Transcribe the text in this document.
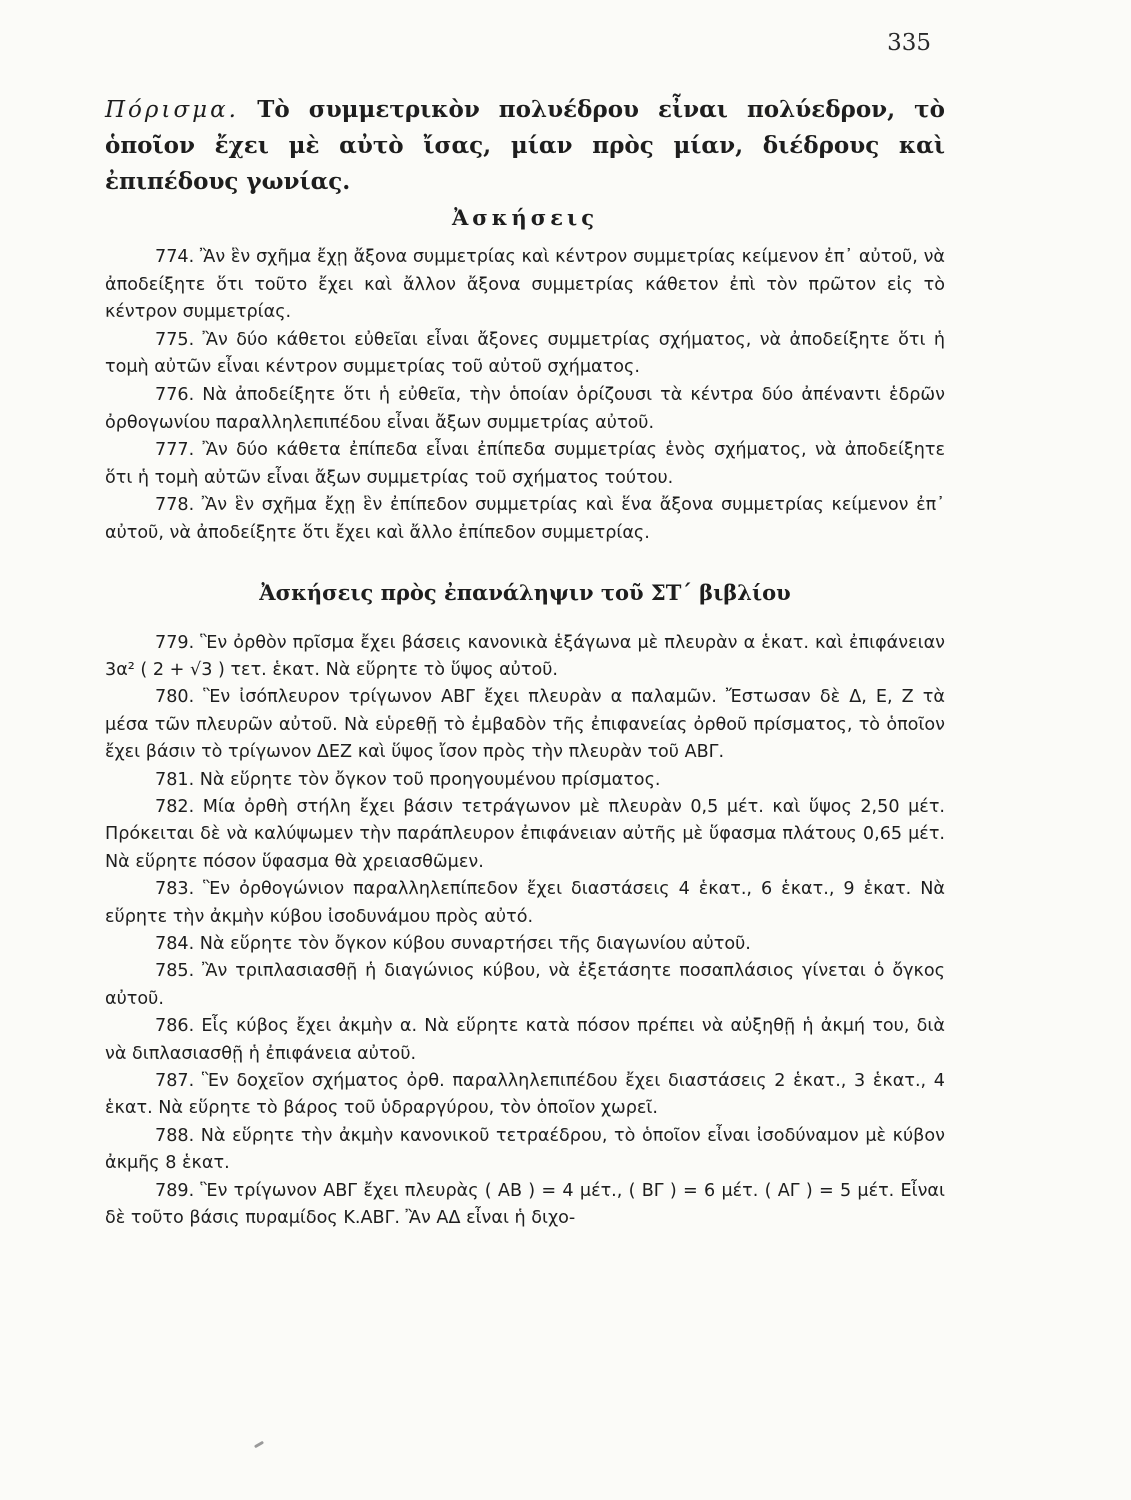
335

Πόρισμα. Τὸ συμμετρικὸν πολυέδρου εἶναι πολύεδρον, τὸ ὁποῖον ἔχει μὲ αὐτὸ ἴσας, μίαν πρὸς μίαν, διέδρους καὶ ἐπιπέδους γωνίας.

Ἀσκήσεις

774. Ἂν ἓν σχῆμα ἔχῃ ἄξονα συμμετρίας καὶ κέντρον συμμετρίας κείμενον ἐπ᾽ αὐτοῦ, νὰ ἀποδείξητε ὅτι τοῦτο ἔχει καὶ ἄλλον ἄξονα συμμετρίας κάθετον ἐπὶ τὸν πρῶτον εἰς τὸ κέντρον συμμετρίας.

775. Ἂν δύο κάθετοι εὐθεῖαι εἶναι ἄξονες συμμετρίας σχήματος, νὰ ἀποδείξητε ὅτι ἡ τομὴ αὐτῶν εἶναι κέντρον συμμετρίας τοῦ αὐτοῦ σχήματος.

776. Νὰ ἀποδείξητε ὅτι ἡ εὐθεῖα, τὴν ὁποίαν ὁρίζουσι τὰ κέντρα δύο ἀπέναντι ἑδρῶν ὀρθογωνίου παραλληλεπιπέδου εἶναι ἄξων συμμετρίας αὐτοῦ.

777. Ἂν δύο κάθετα ἐπίπεδα εἶναι ἐπίπεδα συμμετρίας ἑνὸς σχήματος, νὰ ἀποδείξητε ὅτι ἡ τομὴ αὐτῶν εἶναι ἄξων συμμετρίας τοῦ σχήματος τούτου.

778. Ἂν ἓν σχῆμα ἔχῃ ἓν ἐπίπεδον συμμετρίας καὶ ἕνα ἄξονα συμμετρίας κείμενον ἐπ᾽ αὐτοῦ, νὰ ἀποδείξητε ὅτι ἔχει καὶ ἄλλο ἐπίπεδον συμμετρίας.

Ἀσκήσεις πρὸς ἐπανάληψιν τοῦ ΣΤ΄ βιβλίου

779. Ἓν ὀρθὸν πρῖσμα ἔχει βάσεις κανονικὰ ἑξάγωνα μὲ πλευρὰν α ἑκατ. καὶ ἐπιφάνειαν 3α² ( 2 + √3 ) τετ. ἑκατ. Νὰ εὕρητε τὸ ὕψος αὐτοῦ.

780. Ἓν ἰσόπλευρον τρίγωνον ΑΒΓ ἔχει πλευρὰν α παλαμῶν. Ἔστωσαν δὲ Δ, Ε, Ζ τὰ μέσα τῶν πλευρῶν αὐτοῦ. Νὰ εὑρεθῇ τὸ ἐμβαδὸν τῆς ἐπιφανείας ὀρθοῦ πρίσματος, τὸ ὁποῖον ἔχει βάσιν τὸ τρίγωνον ΔΕΖ καὶ ὕψος ἴσον πρὸς τὴν πλευρὰν τοῦ ΑΒΓ.

781. Νὰ εὕρητε τὸν ὄγκον τοῦ προηγουμένου πρίσματος.

782. Μία ὀρθὴ στήλη ἔχει βάσιν τετράγωνον μὲ πλευρὰν 0,5 μέτ. καὶ ὕψος 2,50 μέτ. Πρόκειται δὲ νὰ καλύψωμεν τὴν παράπλευρον ἐπιφάνειαν αὐτῆς μὲ ὕφασμα πλάτους 0,65 μέτ. Νὰ εὕρητε πόσον ὕφασμα θὰ χρειασθῶμεν.

783. Ἓν ὀρθογώνιον παραλληλεπίπεδον ἔχει διαστάσεις 4 ἑκατ., 6 ἑκατ., 9 ἑκατ. Νὰ εὕρητε τὴν ἀκμὴν κύβου ἰσοδυνάμου πρὸς αὐτό.

784. Νὰ εὕρητε τὸν ὄγκον κύβου συναρτήσει τῆς διαγωνίου αὐτοῦ.

785. Ἂν τριπλασιασθῇ ἡ διαγώνιος κύβου, νὰ ἐξετάσητε ποσαπλάσιος γίνεται ὁ ὄγκος αὐτοῦ.

786. Εἷς κύβος ἔχει ἀκμὴν α. Νὰ εὕρητε κατὰ πόσον πρέπει νὰ αὐξηθῇ ἡ ἀκμή του, διὰ νὰ διπλασιασθῇ ἡ ἐπιφάνεια αὐτοῦ.

787. Ἓν δοχεῖον σχήματος ὀρθ. παραλληλεπιπέδου ἔχει διαστάσεις 2 ἑκατ., 3 ἑκατ., 4 ἑκατ. Νὰ εὕρητε τὸ βάρος τοῦ ὑδραργύρου, τὸν ὁποῖον χωρεῖ.

788. Νὰ εὕρητε τὴν ἀκμὴν κανονικοῦ τετραέδρου, τὸ ὁποῖον εἶναι ἰσοδύναμον μὲ κύβον ἀκμῆς 8 ἑκατ.

789. Ἓν τρίγωνον ΑΒΓ ἔχει πλευρὰς ( ΑΒ ) = 4 μέτ., ( ΒΓ ) = 6 μέτ. ( ΑΓ ) = 5 μέτ. Εἶναι δὲ τοῦτο βάσις πυραμίδος Κ.ΑΒΓ. Ἂν ΑΔ εἶναι ἡ διχο-
